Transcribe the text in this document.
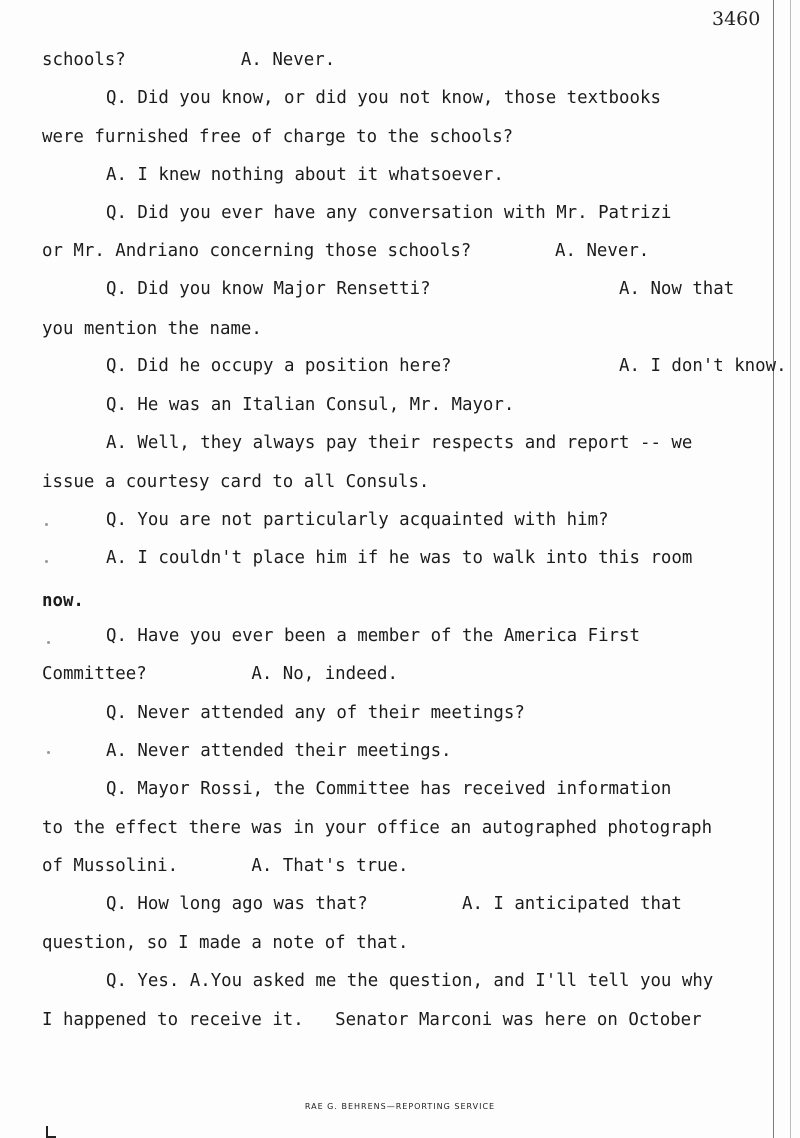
3460
schools?           A. Never.
Q. Did you know, or did you not know, those textbooks
were furnished free of charge to the schools?
A. I knew nothing about it whatsoever.
Q. Did you ever have any conversation with Mr. Patrizi
or Mr. Andriano concerning those schools?        A. Never.
Q. Did you know Major Rensetti?                  A. Now that
you mention the name.
Q. Did he occupy a position here?                A. I don't know.
Q. He was an Italian Consul, Mr. Mayor.
A. Well, they always pay their respects and report -- we
issue a courtesy card to all Consuls.
Q. You are not particularly acquainted with him?
A. I couldn't place him if he was to walk into this room
now.
Q. Have you ever been a member of the America First
Committee?          A. No, indeed.
Q. Never attended any of their meetings?
A. Never attended their meetings.
Q. Mayor Rossi, the Committee has received information
to the effect there was in your office an autographed photograph
of Mussolini.       A. That's true.
Q. How long ago was that?         A. I anticipated that
question, so I made a note of that.
Q. Yes. A.You asked me the question, and I'll tell you why
I happened to receive it.   Senator Marconi was here on October
RAE G. BEHRENS—REPORTING SERVICE
